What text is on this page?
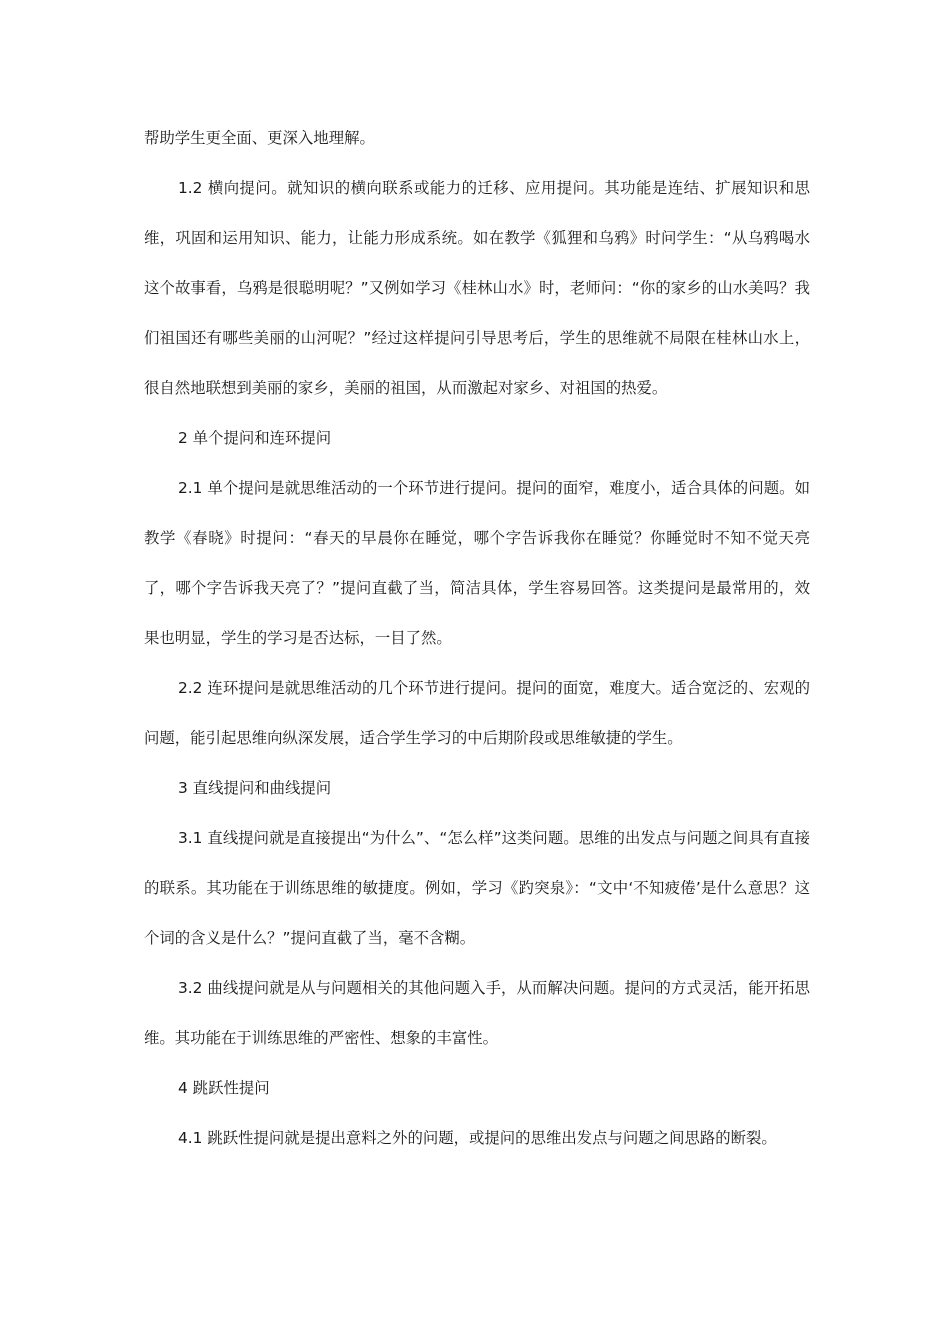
帮助学生更全面、更深入地理解。

1.2 横向提问。就知识的横向联系或能力的迁移、应用提问。其功能是连结、扩展知识和思维，巩固和运用知识、能力，让能力形成系统。如在教学《狐狸和乌鸦》时问学生：“从乌鸦喝水这个故事看，乌鸦是很聪明呢？”又例如学习《桂林山水》时，老师问：“你的家乡的山水美吗？我们祖国还有哪些美丽的山河呢？”经过这样提问引导思考后，学生的思维就不局限在桂林山水上，很自然地联想到美丽的家乡，美丽的祖国，从而激起对家乡、对祖国的热爱。

2 单个提问和连环提问

2.1 单个提问是就思维活动的一个环节进行提问。提问的面窄，难度小，适合具体的问题。如教学《春晓》时提问：“春天的早晨你在睡觉，哪个字告诉我你在睡觉？你睡觉时不知不觉天亮了，哪个字告诉我天亮了？”提问直截了当，简洁具体，学生容易回答。这类提问是最常用的，效果也明显，学生的学习是否达标，一目了然。

2.2 连环提问是就思维活动的几个环节进行提问。提问的面宽，难度大。适合宽泛的、宏观的问题，能引起思维向纵深发展，适合学生学习的中后期阶段或思维敏捷的学生。

3 直线提问和曲线提问

3.1 直线提问就是直接提出“为什么”、“怎么样”这类问题。思维的出发点与问题之间具有直接的联系。其功能在于训练思维的敏捷度。例如，学习《趵突泉》：“文中‘不知疲倦’是什么意思？这个词的含义是什么？”提问直截了当，毫不含糊。

3.2 曲线提问就是从与问题相关的其他问题入手，从而解决问题。提问的方式灵活，能开拓思维。其功能在于训练思维的严密性、想象的丰富性。

4 跳跃性提问

4.1 跳跃性提问就是提出意料之外的问题，或提问的思维出发点与问题之间思路的断裂。
